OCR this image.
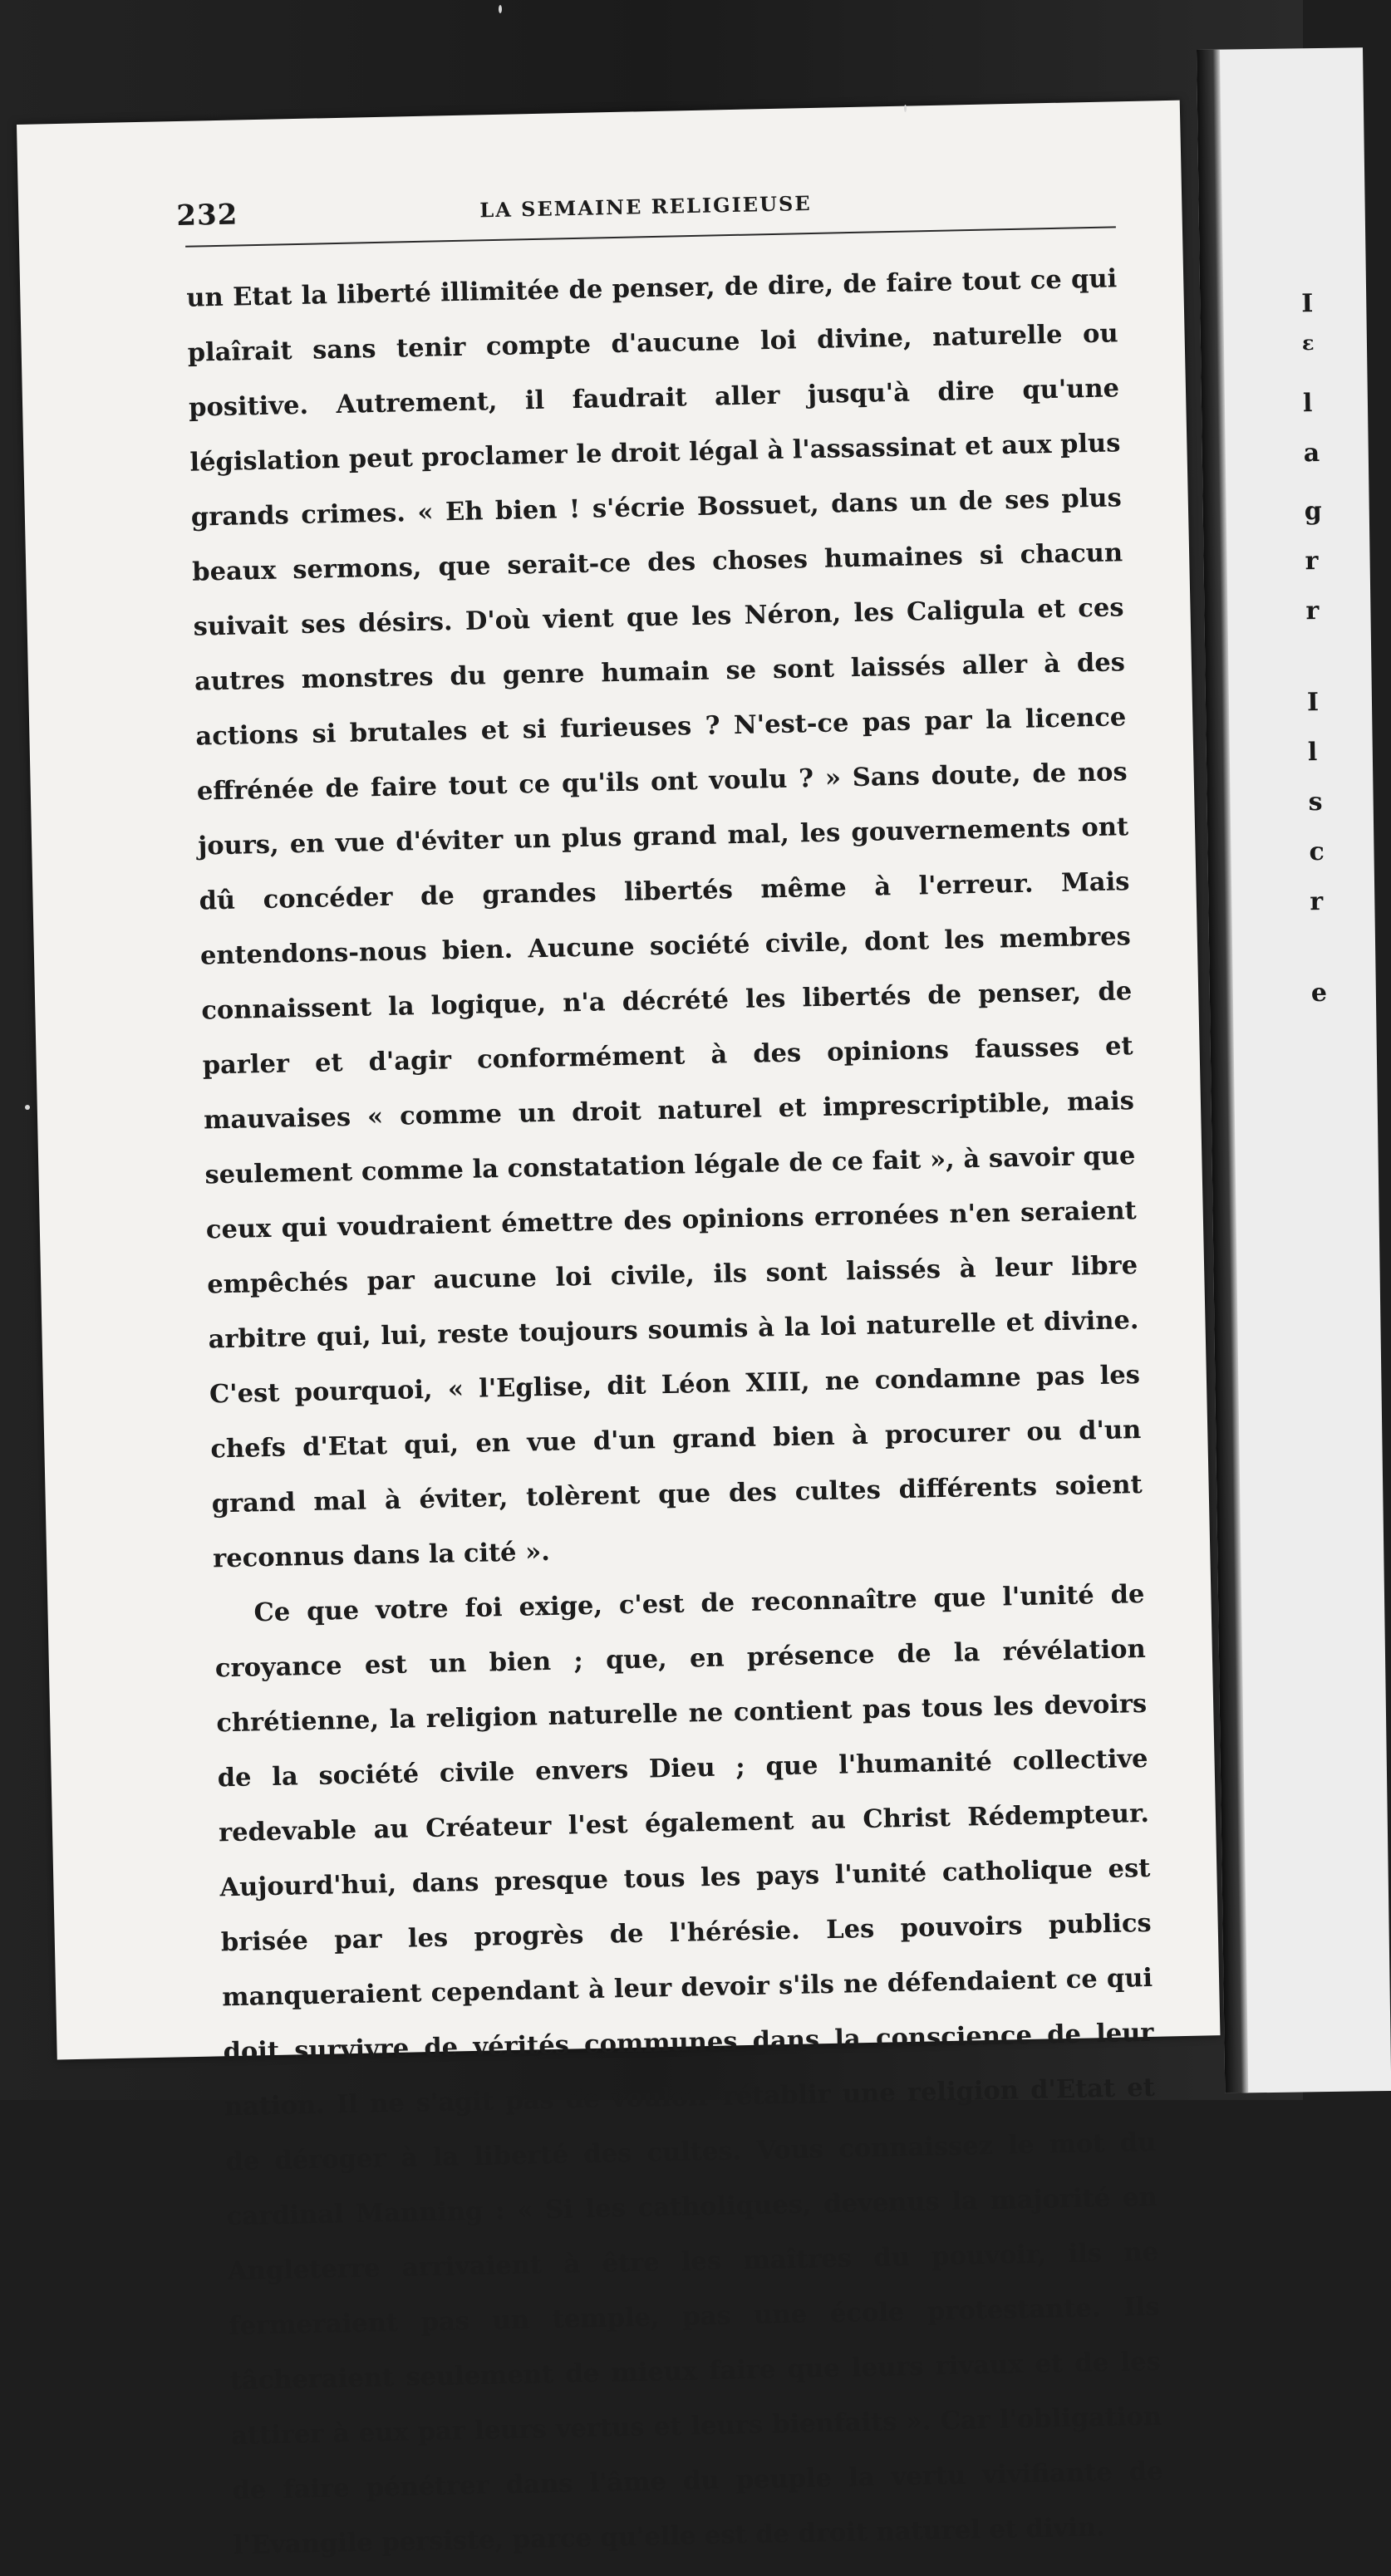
I
ε
l
a
g
r
r
I
l
s
c
r
e
232	LA SEMAINE RELIGIEUSE

un Etat la liberté illimitée de penser, de dire, de faire tout ce qui plaîrait sans tenir compte d'aucune loi divine, naturelle ou positive. Autrement, il faudrait aller jusqu'à dire qu'une législation peut proclamer le droit légal à l'assassinat et aux plus grands crimes. « Eh bien ! s'écrie Bossuet, dans un de ses plus beaux sermons, que serait-ce des choses humaines si chacun suivait ses désirs. D'où vient que les Néron, les Caligula et ces autres monstres du genre humain se sont laissés aller à des actions si brutales et si furieuses ? N'est-ce pas par la licence effrénée de faire tout ce qu'ils ont voulu ? » Sans doute, de nos jours, en vue d'éviter un plus grand mal, les gouvernements ont dû concéder de grandes libertés même à l'erreur. Mais entendons-nous bien. Aucune société civile, dont les membres connaissent la logique, n'a décrété les libertés de penser, de parler et d'agir conformément à des opinions fausses et mauvaises « comme un droit naturel et imprescriptible, mais seulement comme la constatation légale de ce fait », à savoir que ceux qui voudraient émettre des opinions erronées n'en seraient empêchés par aucune loi civile, ils sont laissés à leur libre arbitre qui, lui, reste toujours soumis à la loi naturelle et divine. C'est pourquoi, « l'Eglise, dit Léon XIII, ne condamne pas les chefs d'Etat qui, en vue d'un grand bien à procurer ou d'un grand mal à éviter, tolèrent que des cultes différents soient reconnus dans la cité ».

Ce que votre foi exige, c'est de reconnaître que l'unité de croyance est un bien ; que, en présence de la révélation chrétienne, la religion naturelle ne contient pas tous les devoirs de la société civile envers Dieu ; que l'humanité collective redevable au Créateur l'est également au Christ Rédempteur. Aujourd'hui, dans presque tous les pays l'unité catholique est brisée par les progrès de l'hérésie. Les pouvoirs publics manqueraient cependant à leur devoir s'ils ne défendaient ce qui doit survivre de vérités communes dans la conscience de leur nation. Il ne s'agit pas de vouloir rétablir une religion d'Etat et de déroger à la liberté des cultes. Vous connaissez le mot du cardinal Manning : « Si les catholiques, devenus la majorité en Angleterre arrivaient à être les maîtres du pouvoir, ils ne fermeraient pas un temple, pas une école protestante. Ils tâcheraient seulement de mieux faire que leurs rivaux et de les attirer à eux par leurs vertus et leurs bienfaits ». Car l'obligation de faire pénétrer dans l'âme du peuple la vertu vivifiante de l'Evangile persiste, parce qu'elle est de droit naturel et divin.
